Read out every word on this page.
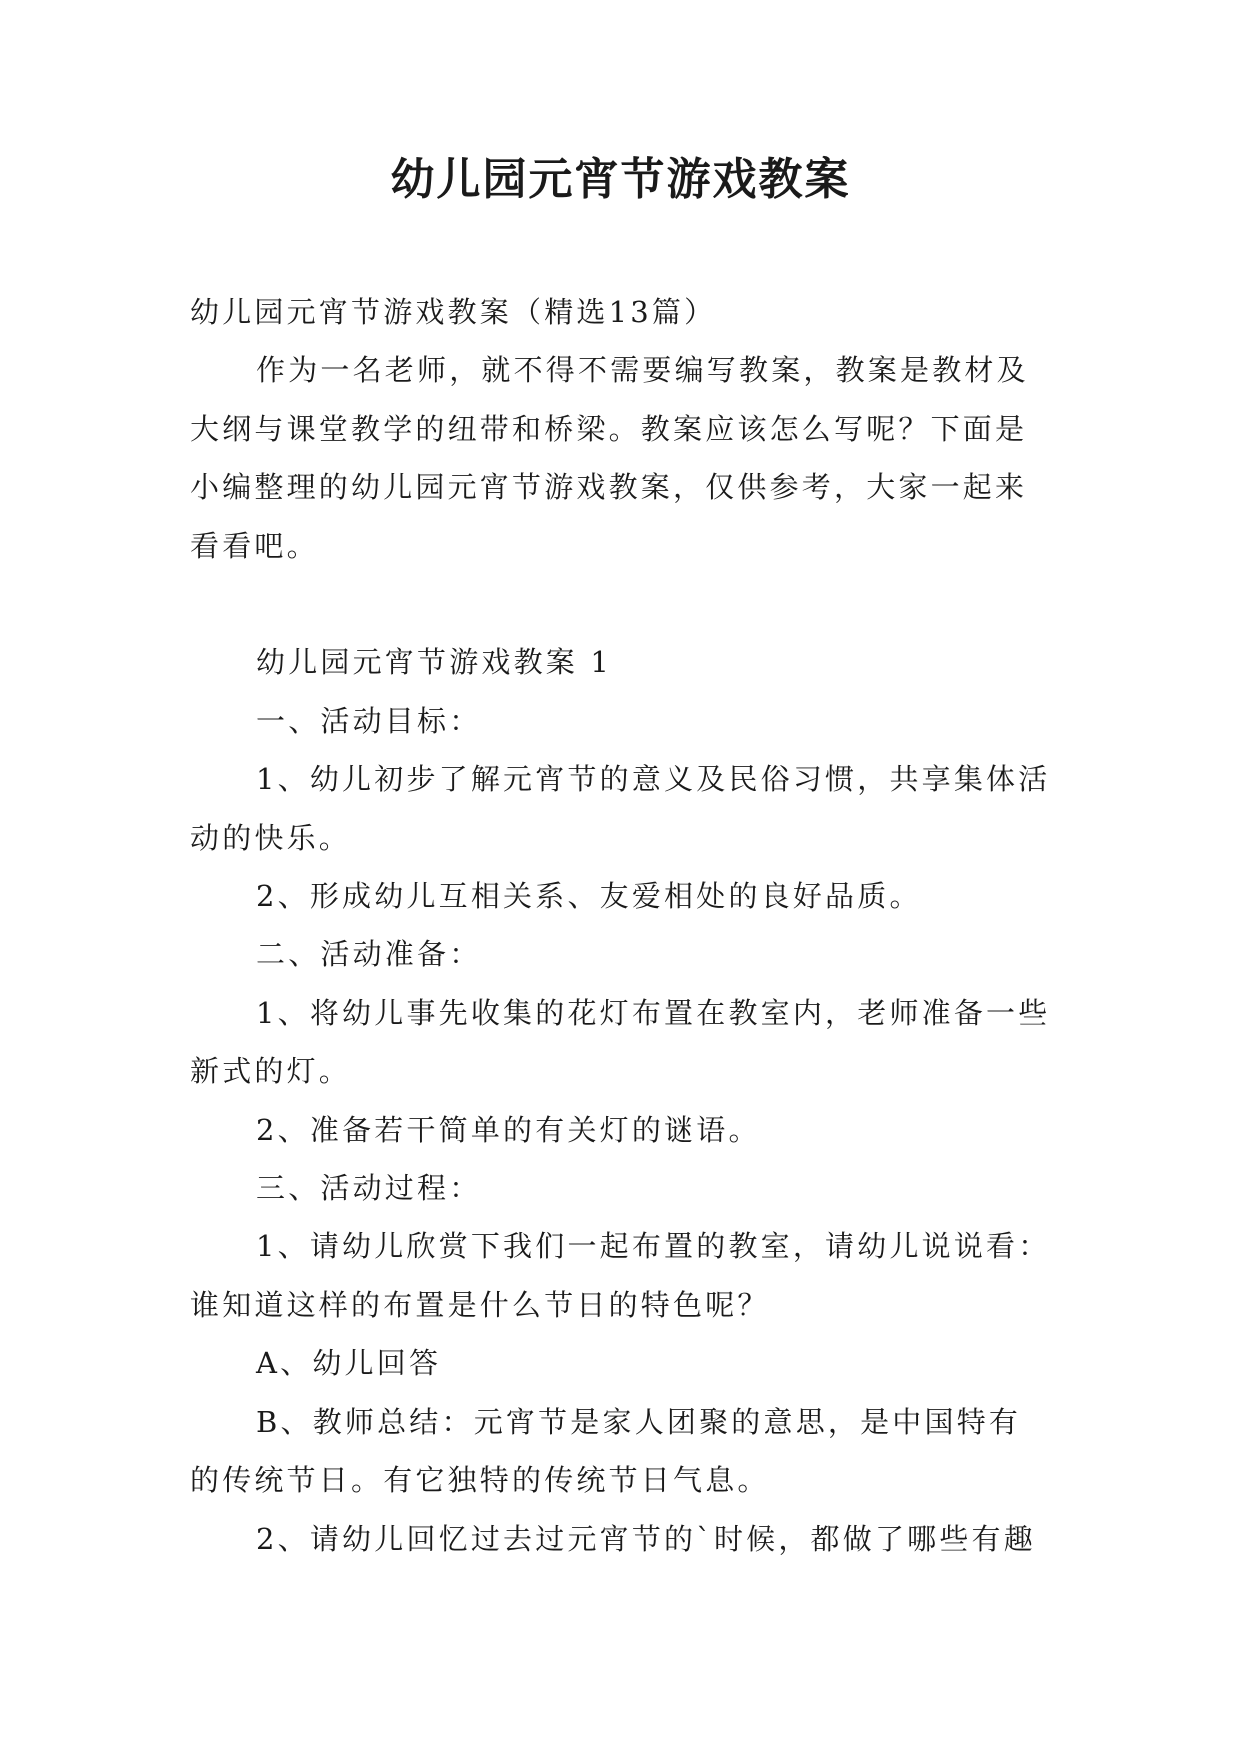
幼儿园元宵节游戏教案

幼儿园元宵节游戏教案（精选13篇）

作为一名老师，就不得不需要编写教案，教案是教材及大纲与课堂教学的纽带和桥梁。教案应该怎么写呢？下面是小编整理的幼儿园元宵节游戏教案，仅供参考，大家一起来看看吧。

幼儿园元宵节游戏教案 1

一、活动目标：

1、幼儿初步了解元宵节的意义及民俗习惯，共享集体活动的快乐。

2、形成幼儿互相关系、友爱相处的良好品质。

二、活动准备：

1、将幼儿事先收集的花灯布置在教室内，老师准备一些新式的灯。

2、准备若干简单的有关灯的谜语。

三、活动过程：

1、请幼儿欣赏下我们一起布置的教室，请幼儿说说看：谁知道这样的布置是什么节日的特色呢？

A、幼儿回答

B、教师总结：元宵节是家人团聚的意思，是中国特有的传统节日。有它独特的传统节日气息。

2、请幼儿回忆过去过元宵节的`时候，都做了哪些有趣
